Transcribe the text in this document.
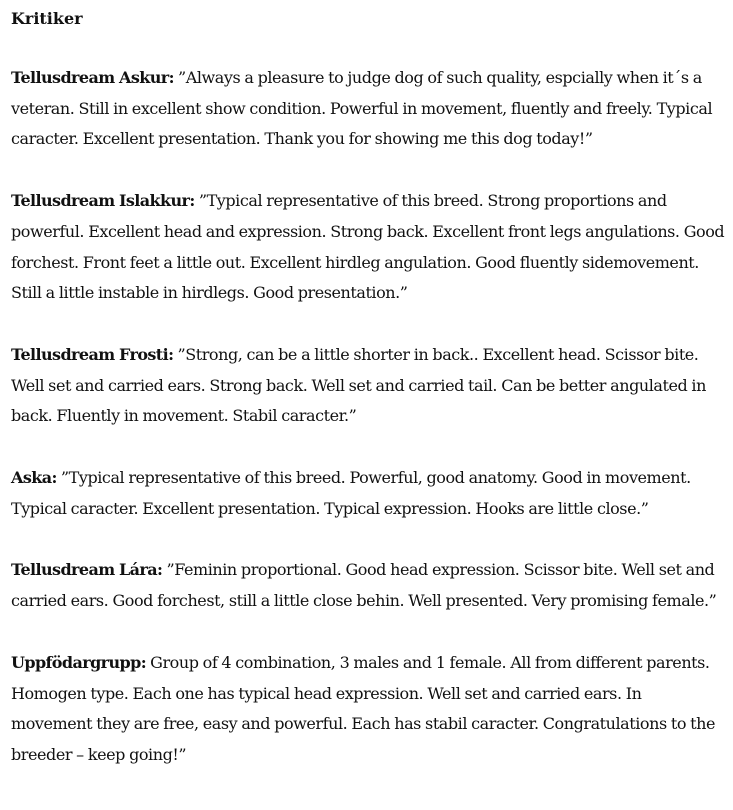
Kritiker

Tellusdream Askur: ”Always a pleasure to judge dog of such quality, espcially when it´s a veteran. Still in excellent show condition. Powerful in movement, fluently and freely. Typical caracter. Excellent presentation. Thank you for showing me this dog today!”

Tellusdream Islakkur: ”Typical representative of this breed. Strong proportions and powerful. Excellent head and expression. Strong back. Excellent front legs angulations. Good forchest. Front feet a little out. Excellent hirdleg angulation. Good fluently sidemovement. Still a little instable in hirdlegs. Good presentation.”

Tellusdream Frosti: ”Strong, can be a little shorter in back.. Excellent head. Scissor bite. Well set and carried ears. Strong back. Well set and carried tail. Can be better angulated in back. Fluently in movement. Stabil caracter.”

Aska: ”Typical representative of this breed. Powerful, good anatomy. Good in movement. Typical caracter. Excellent presentation. Typical expression. Hooks are little close.”

Tellusdream Lára: ”Feminin proportional. Good head expression. Scissor bite. Well set and carried ears. Good forchest, still a little close behin. Well presented. Very promising female.”

Uppfödargrupp: Group of 4 combination, 3 males and 1 female. All from different parents. Homogen type. Each one has typical head expression. Well set and carried ears. In movement they are free, easy and powerful. Each has stabil caracter. Congratulations to the breeder – keep going!”
